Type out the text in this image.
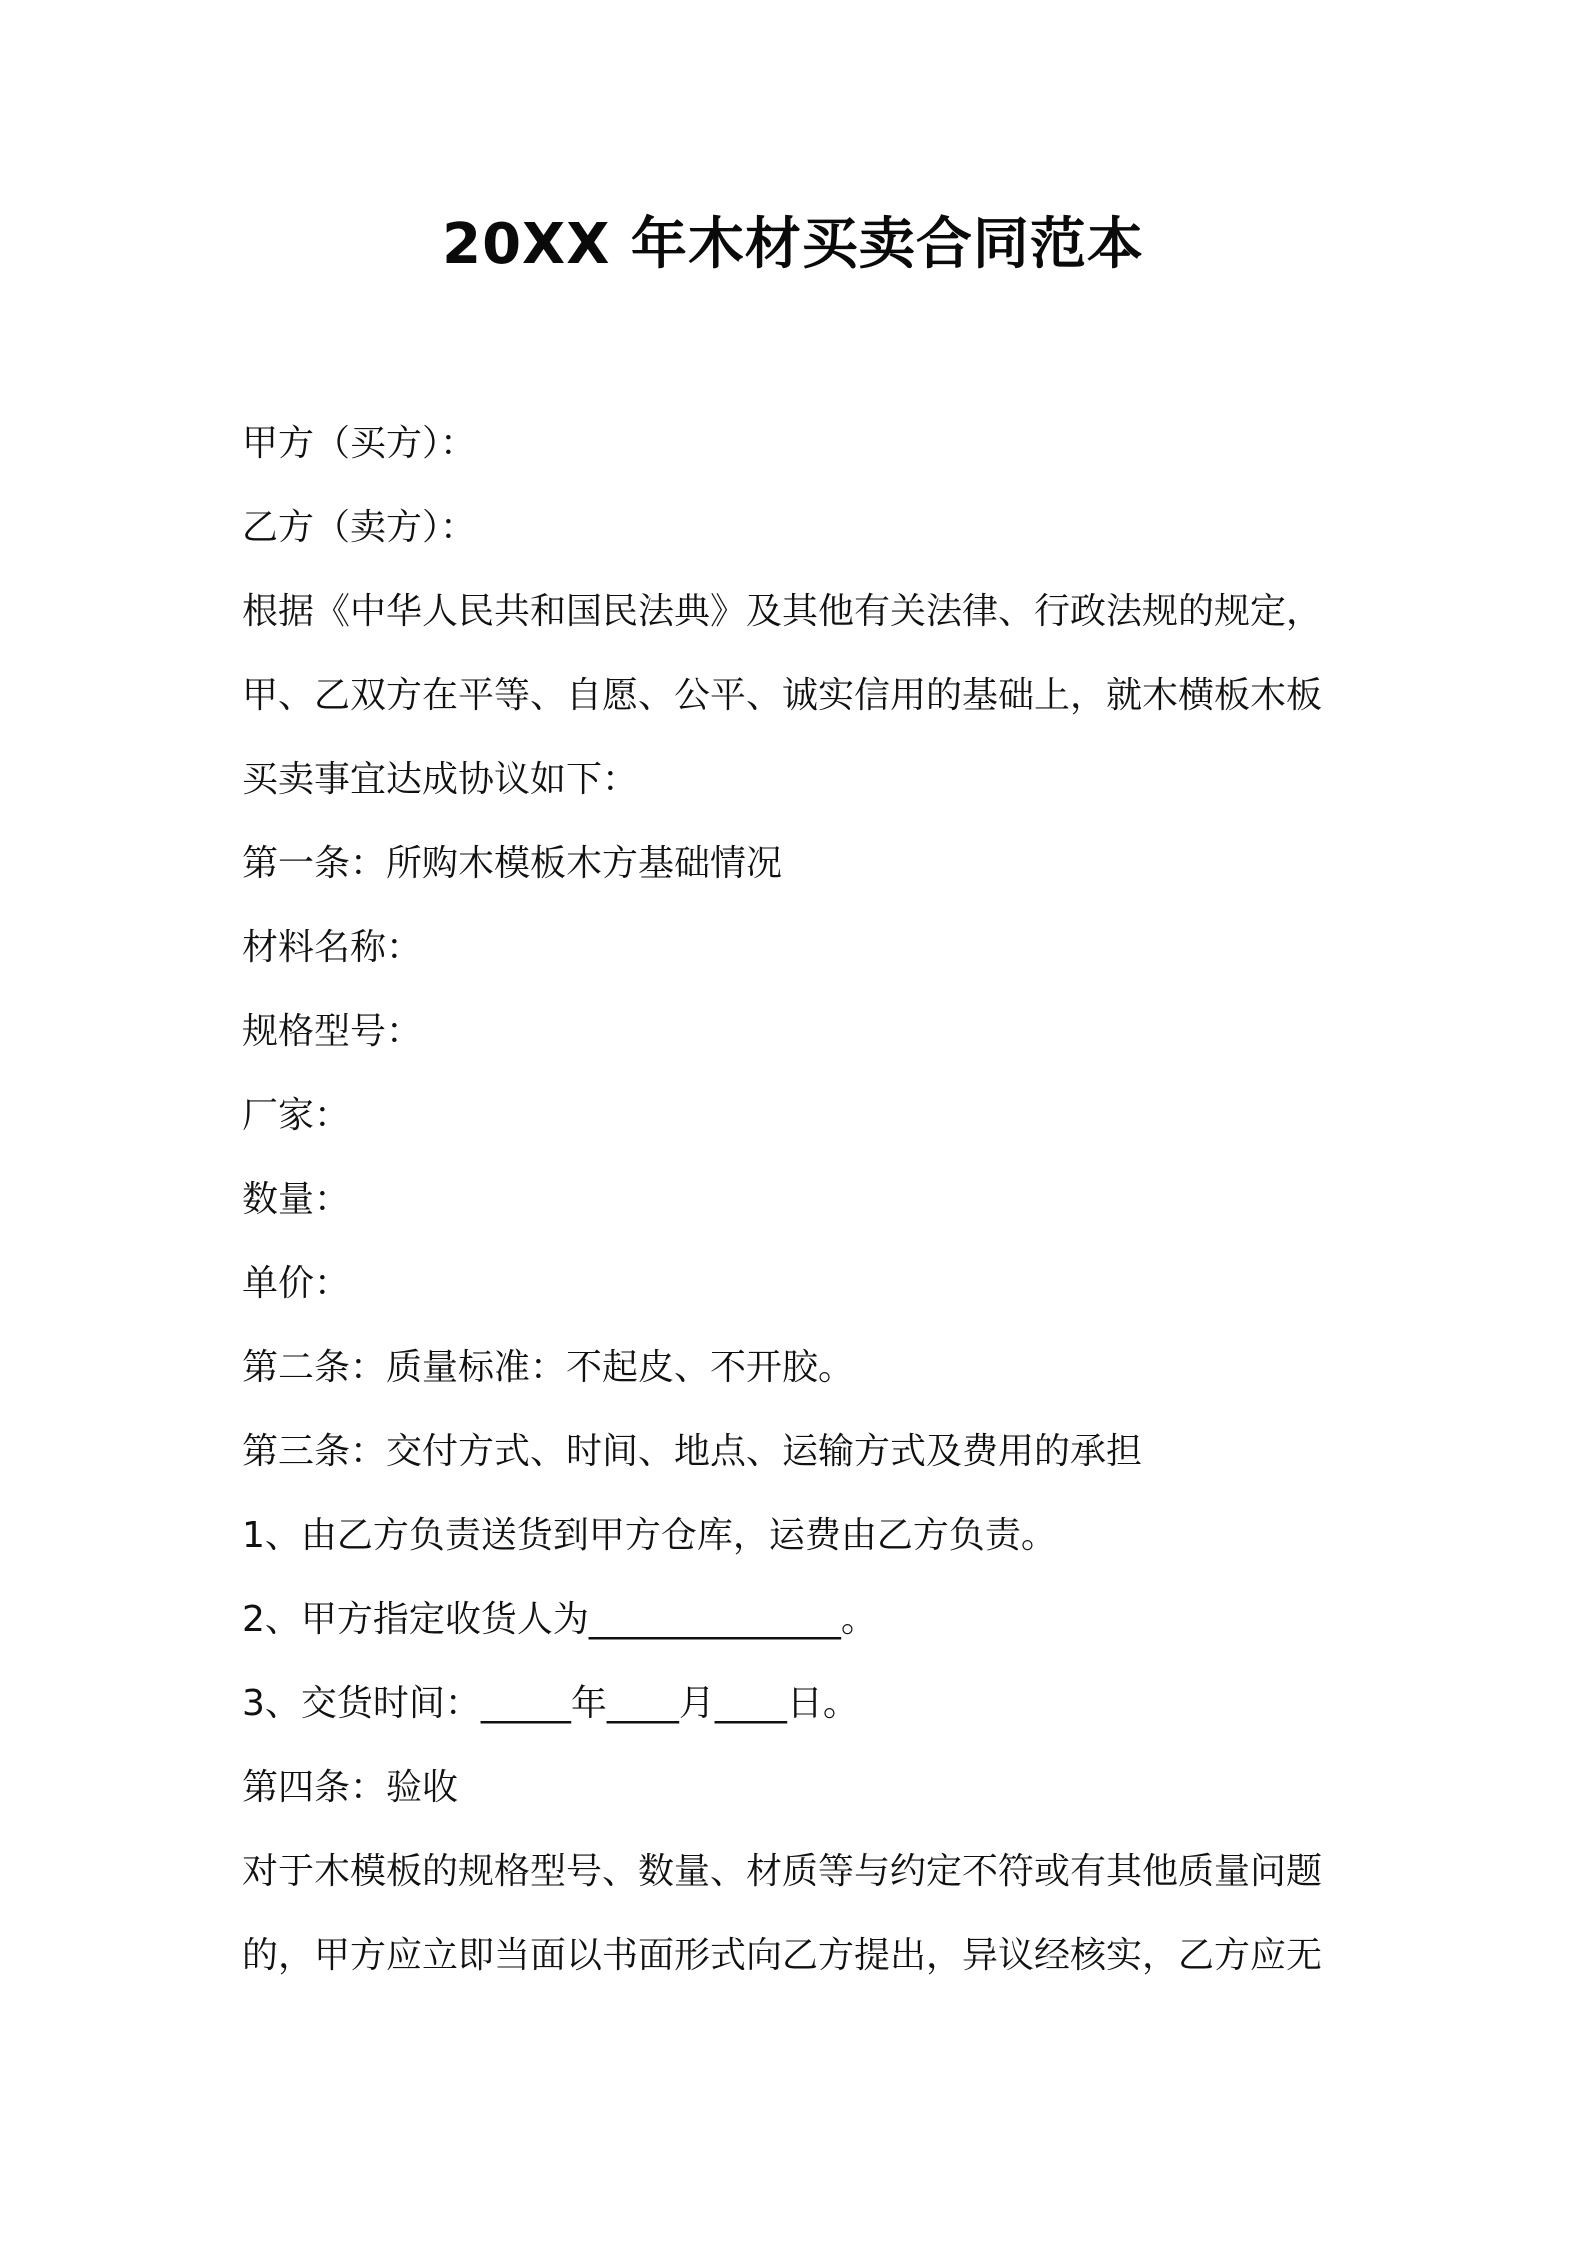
20XX 年木材买卖合同范本
甲方（买方）：
乙方（卖方）：
根据《中华人民共和国民法典》及其他有关法律、行政法规的规定，
甲、乙双方在平等、自愿、公平、诚实信用的基础上，就木横板木板
买卖事宜达成协议如下：
第一条：所购木模板木方基础情况
材料名称：
规格型号：
厂家：
数量：
单价：
第二条：质量标准：不起皮、不开胶。
第三条：交付方式、时间、地点、运输方式及费用的承担
1、由乙方负责送货到甲方仓库，运费由乙方负责。
2、甲方指定收货人为______________。
3、交货时间：_____年____月____日。
第四条：验收
对于木模板的规格型号、数量、材质等与约定不符或有其他质量问题
的，甲方应立即当面以书面形式向乙方提出，异议经核实，乙方应无
